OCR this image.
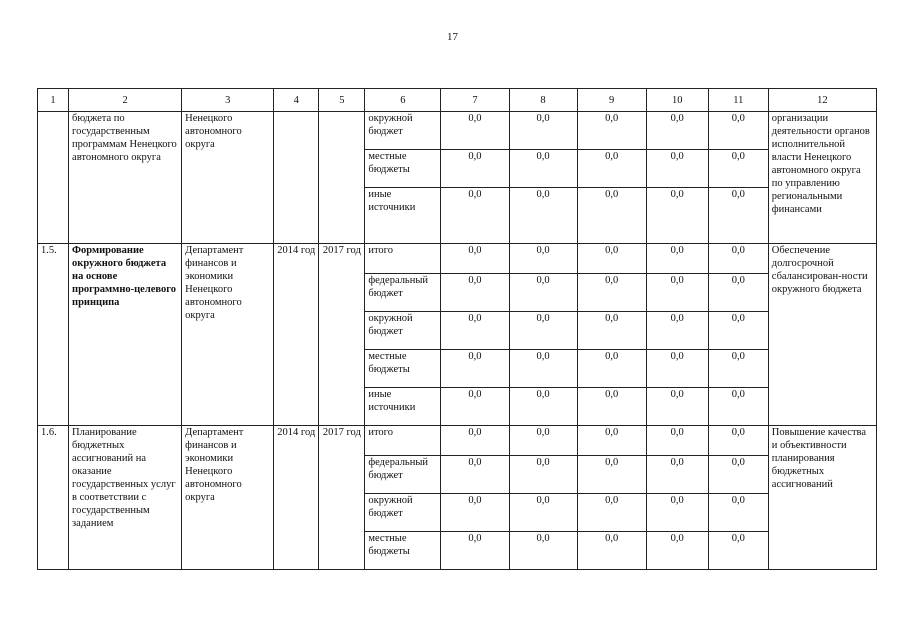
17
1	2	3	4	5	6	7	8	9	10	11	12
	бюджета по государственным программам Ненецкого автономного округа	Ненецкого автономного округа			окружной бюджет	0,0	0,0	0,0	0,0	0,0	организации деятельности органов исполнительной власти Ненецкого автономного округа по управлению региональными финансами
					местные бюджеты	0,0	0,0	0,0	0,0	0,0	
					иные источники	0,0	0,0	0,0	0,0	0,0	
1.5.	Формирование окружного бюджета на основе программно-целевого принципа	Департамент финансов и экономики Ненецкого автономного округа	2014 год	2017 год	итого	0,0	0,0	0,0	0,0	0,0	Обеспечение долгосрочной сбалансирован-ности окружного бюджета
					федеральный бюджет	0,0	0,0	0,0	0,0	0,0	
					окружной бюджет	0,0	0,0	0,0	0,0	0,0	
					местные бюджеты	0,0	0,0	0,0	0,0	0,0	
					иные источники	0,0	0,0	0,0	0,0	0,0	
1.6.	Планирование бюджетных ассигнований на оказание государственных услуг в соответствии с государственным заданием	Департамент финансов и экономики Ненецкого автономного округа	2014 год	2017 год	итого	0,0	0,0	0,0	0,0	0,0	Повышение качества и объективности планирования бюджетных ассигнований
					федеральный бюджет	0,0	0,0	0,0	0,0	0,0	
					окружной бюджет	0,0	0,0	0,0	0,0	0,0	
					местные бюджеты	0,0	0,0	0,0	0,0	0,0	
